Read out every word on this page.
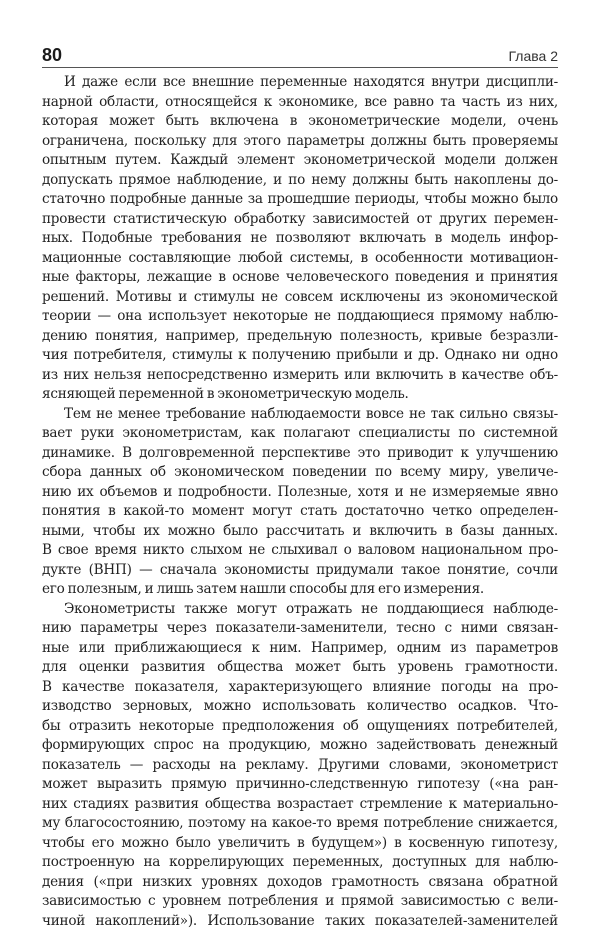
80	Глава 2
И даже если все внешние переменные находятся внутри дисципли-
нарной области, относящейся к экономике, все равно та часть из них,
которая может быть включена в эконометрические модели, очень
ограничена, поскольку для этого параметры должны быть проверяемы
опытным путем. Каждый элемент эконометрической модели должен
допускать прямое наблюдение, и по нему должны быть накоплены до-
статочно подробные данные за прошедшие периоды, чтобы можно было
провести статистическую обработку зависимостей от других перемен-
ных. Подобные требования не позволяют включать в модель инфор-
мационные составляющие любой системы, в особенности мотивацион-
ные факторы, лежащие в основе человеческого поведения и принятия
решений. Мотивы и стимулы не совсем исключены из экономической
теории — она использует некоторые не поддающиеся прямому наблю-
дению понятия, например, предельную полезность, кривые безразли-
чия потребителя, стимулы к получению прибыли и др. Однако ни одно
из них нельзя непосредственно измерить или включить в качестве объ-
ясняющей переменной в эконометрическую модель.
Тем не менее требование наблюдаемости вовсе не так сильно связы-
вает руки эконометристам, как полагают специалисты по системной
динамике. В долговременной перспективе это приводит к улучшению
сбора данных об экономическом поведении по всему миру, увеличе-
нию их объемов и подробности. Полезные, хотя и не измеряемые явно
понятия в какой-то момент могут стать достаточно четко определен-
ными, чтобы их можно было рассчитать и включить в базы данных.
В свое время никто слыхом не слыхивал о валовом национальном про-
дукте (ВНП) — сначала экономисты придумали такое понятие, сочли
его полезным, и лишь затем нашли способы для его измерения.
Эконометристы также могут отражать не поддающиеся наблюде-
нию параметры через показатели-заменители, тесно с ними связан-
ные или приближающиеся к ним. Например, одним из параметров
для оценки развития общества может быть уровень грамотности.
В качестве показателя, характеризующего влияние погоды на про-
изводство зерновых, можно использовать количество осадков. Что-
бы отразить некоторые предположения об ощущениях потребителей,
формирующих спрос на продукцию, можно задействовать денежный
показатель — расходы на рекламу. Другими словами, эконометрист
может выразить прямую причинно-следственную гипотезу («на ран-
них стадиях развития общества возрастает стремление к материально-
му благосостоянию, поэтому на какое-то время потребление снижается,
чтобы его можно было увеличить в будущем») в косвенную гипотезу,
построенную на коррелирующих переменных, доступных для наблю-
дения («при низких уровнях доходов грамотность связана обратной
зависимостью с уровнем потребления и прямой зависимостью с вели-
чиной накоплений»). Использование таких показателей-заменителей
